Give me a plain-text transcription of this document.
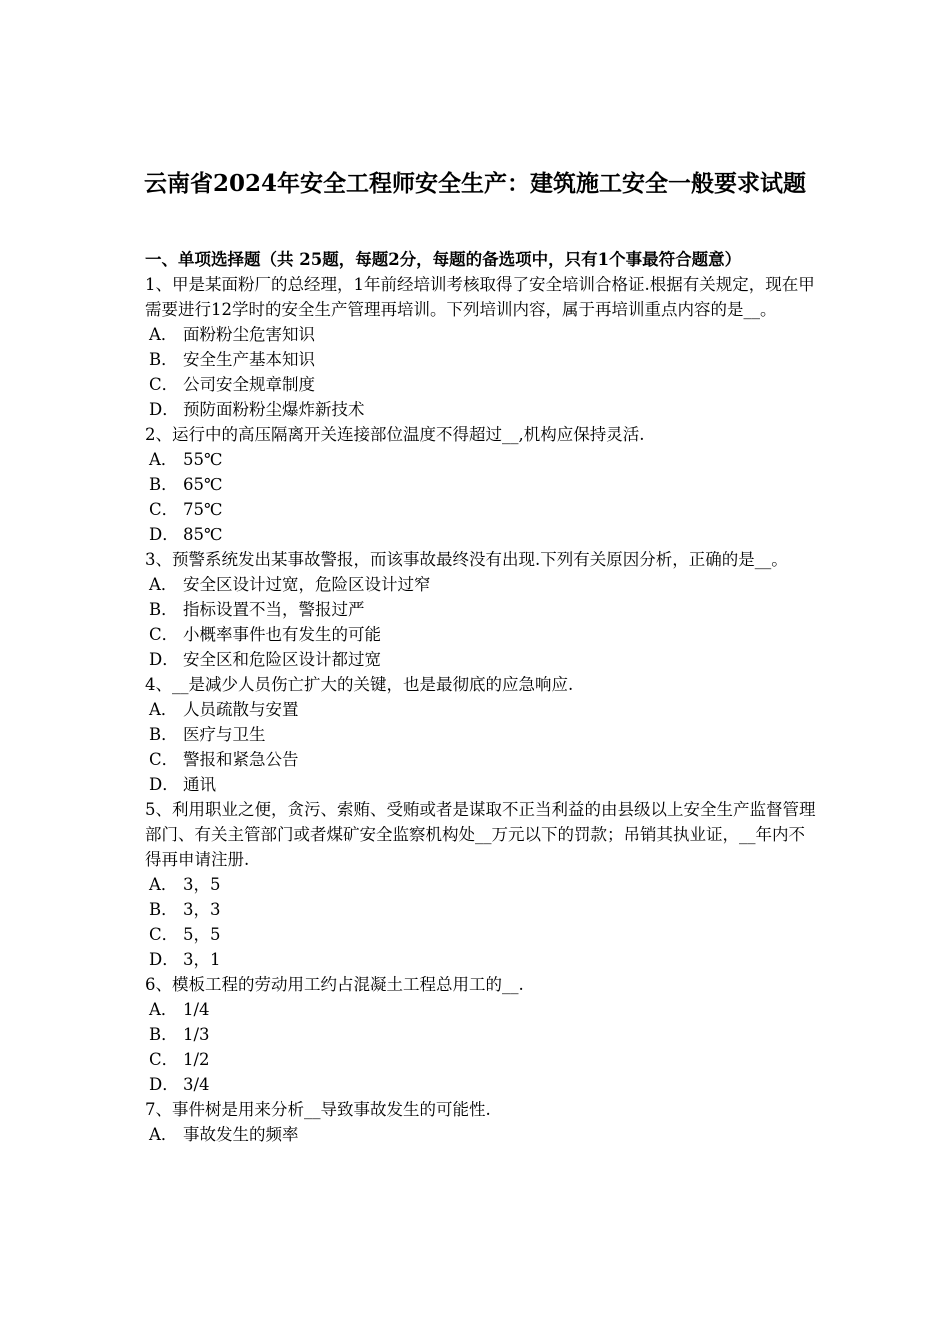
云南省2024年安全工程师安全生产：建筑施工安全一般要求试题

一、单项选择题（共 25题，每题2分，每题的备选项中，只有1个事最符合题意）

1、甲是某面粉厂的总经理，1年前经培训考核取得了安全培训合格证.根据有关规定，现在甲需要进行12学时的安全生产管理再培训。下列培训内容，属于再培训重点内容的是__。
A． 面粉粉尘危害知识
B． 安全生产基本知识
C． 公司安全规章制度
D． 预防面粉粉尘爆炸新技术
2、运行中的高压隔离开关连接部位温度不得超过__,机构应保持灵活.
A． 55℃
B． 65℃
C． 75℃
D． 85℃
3、预警系统发出某事故警报，而该事故最终没有出现.下列有关原因分析，正确的是__。
A． 安全区设计过宽，危险区设计过窄
B． 指标设置不当，警报过严
C． 小概率事件也有发生的可能
D． 安全区和危险区设计都过宽
4、__是减少人员伤亡扩大的关键，也是最彻底的应急响应.
A． 人员疏散与安置
B． 医疗与卫生
C． 警报和紧急公告
D． 通讯
5、利用职业之便，贪污、索贿、受贿或者是谋取不正当利益的由县级以上安全生产监督管理部门、有关主管部门或者煤矿安全监察机构处__万元以下的罚款；吊销其执业证，__年内不得再申请注册.
A． 3，5
B． 3，3
C． 5，5
D． 3，1
6、模板工程的劳动用工约占混凝土工程总用工的__.
A． 1/4
B． 1/3
C． 1/2
D． 3/4
7、事件树是用来分析__导致事故发生的可能性.
A． 事故发生的频率
